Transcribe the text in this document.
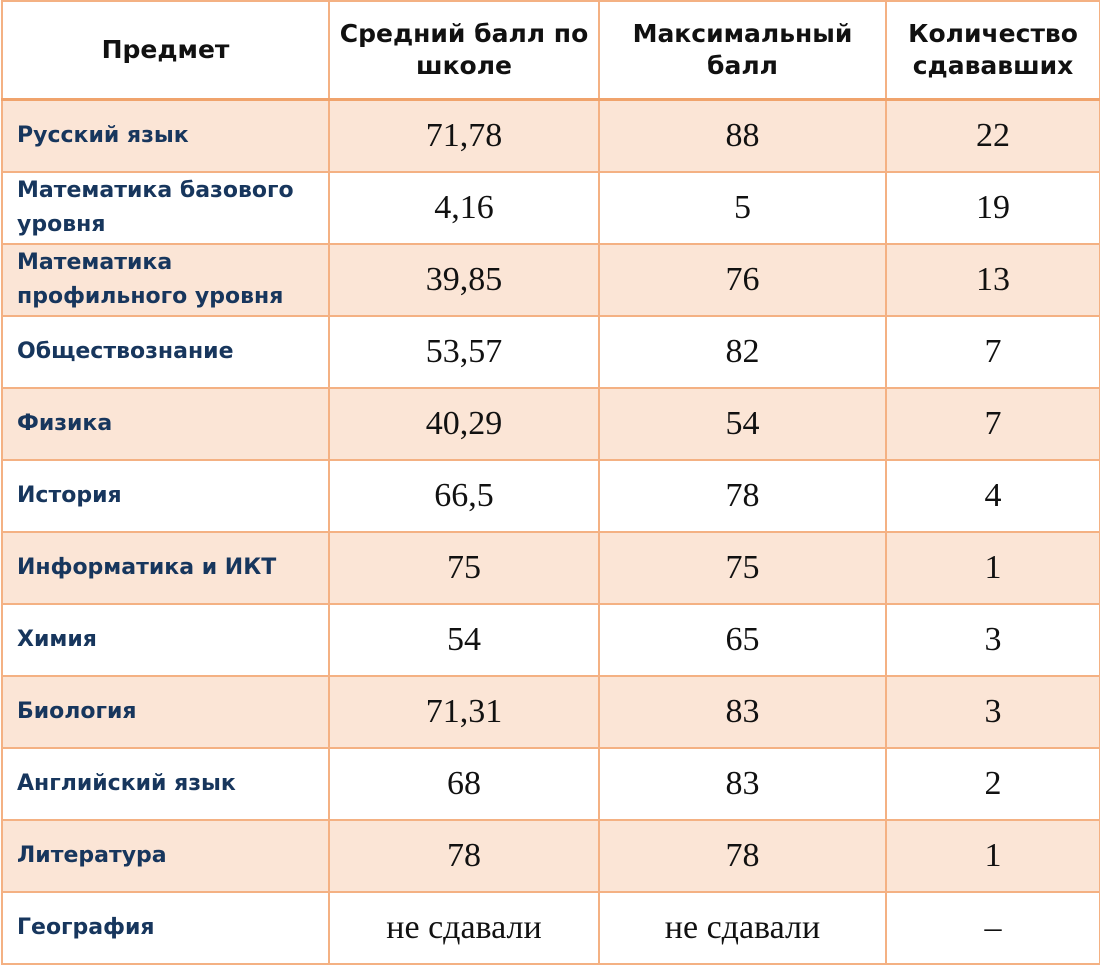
Предмет	Средний балл по школе	Максимальный балл	Количество сдававших
Русский язык	71,78	88	22
Математика базового уровня	4,16	5	19
Математика профильного уровня	39,85	76	13
Обществознание	53,57	82	7
Физика	40,29	54	7
История	66,5	78	4
Информатика и ИКТ	75	75	1
Химия	54	65	3
Биология	71,31	83	3
Английский язык	68	83	2
Литература	78	78	1
География	не сдавали	не сдавали	–
